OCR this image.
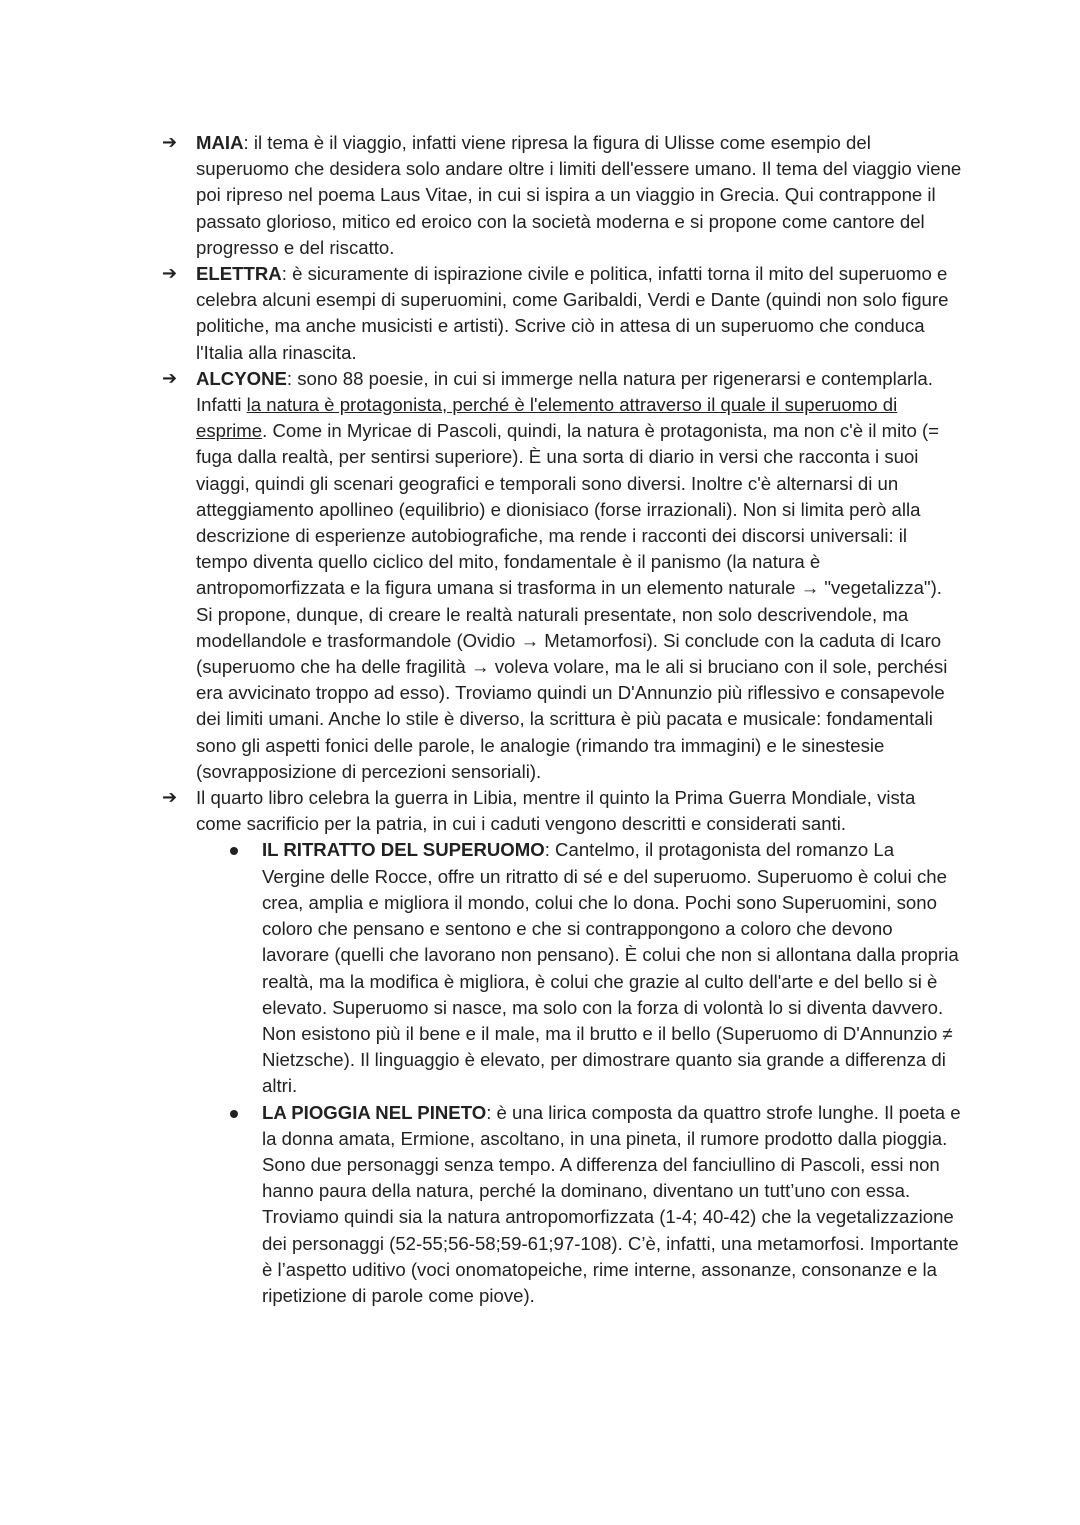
➔	MAIA: il tema è il viaggio, infatti viene ripresa la figura di Ulisse come esempio del superuomo che desidera solo andare oltre i limiti dell'essere umano. Il tema del viaggio viene poi ripreso nel poema Laus Vitae, in cui si ispira a un viaggio in Grecia. Qui contrappone il passato glorioso, mitico ed eroico con la società moderna e si propone come cantore del progresso e del riscatto.
➔	ELETTRA: è sicuramente di ispirazione civile e politica, infatti torna il mito del superuomo e celebra alcuni esempi di superuomini, come Garibaldi, Verdi e Dante (quindi non solo figure politiche, ma anche musicisti e artisti). Scrive ciò in attesa di un superuomo che conduca l'Italia alla rinascita.
➔	ALCYONE: sono 88 poesie, in cui si immerge nella natura per rigenerarsi e contemplarla. Infatti la natura è protagonista, perché è l'elemento attraverso il quale il superuomo di esprime. Come in Myricae di Pascoli, quindi, la natura è protagonista, ma non c'è il mito (= fuga dalla realtà, per sentirsi superiore). È una sorta di diario in versi che racconta i suoi viaggi, quindi gli scenari geografici e temporali sono diversi. Inoltre c'è alternarsi di un atteggiamento apollineo (equilibrio) e dionisiaco (forse irrazionali). Non si limita però alla descrizione di esperienze autobiografiche, ma rende i racconti dei discorsi universali: il tempo diventa quello ciclico del mito, fondamentale è il panismo (la natura è antropomorfizzata e la figura umana si trasforma in un elemento naturale → "vegetalizza"). Si propone, dunque, di creare le realtà naturali presentate, non solo descrivendole, ma modellandole e trasformandole (Ovidio → Metamorfosi). Si conclude con la caduta di Icaro (superuomo che ha delle fragilità → voleva volare, ma le ali si bruciano con il sole, perchési era avvicinato troppo ad esso). Troviamo quindi un D'Annunzio più riflessivo e consapevole dei limiti umani. Anche lo stile è diverso, la scrittura è più pacata e musicale: fondamentali sono gli aspetti fonici delle parole, le analogie (rimando tra immagini) e le sinestesie (sovrapposizione di percezioni sensoriali).
➔	Il quarto libro celebra la guerra in Libia, mentre il quinto la Prima Guerra Mondiale, vista come sacrificio per la patria, in cui i caduti vengono descritti e considerati santi.
IL RITRATTO DEL SUPERUOMO: Cantelmo, il protagonista del romanzo La Vergine delle Rocce, offre un ritratto di sé e del superuomo. Superuomo è colui che crea, amplia e migliora il mondo, colui che lo dona. Pochi sono Superuomini, sono coloro che pensano e sentono e che si contrappongono a coloro che devono lavorare (quelli che lavorano non pensano). È colui che non si allontana dalla propria realtà, ma la modifica è migliora, è colui che grazie al culto dell'arte e del bello si è elevato. Superuomo si nasce, ma solo con la forza di volontà lo si diventa davvero. Non esistono più il bene e il male, ma il brutto e il bello (Superuomo di D'Annunzio ≠ Nietzsche). Il linguaggio è elevato, per dimostrare quanto sia grande a differenza di altri.
LA PIOGGIA NEL PINETO: è una lirica composta da quattro strofe lunghe. Il poeta e la donna amata, Ermione, ascoltano, in una pineta, il rumore prodotto dalla pioggia. Sono due personaggi senza tempo. A differenza del fanciullino di Pascoli, essi non hanno paura della natura, perché la dominano, diventano un tutt’uno con essa. Troviamo quindi sia la natura antropomorfizzata (1-4; 40-42) che la vegetalizzazione dei personaggi (52-55;56-58;59-61;97-108). C’è, infatti, una metamorfosi. Importante è l’aspetto uditivo (voci onomatopeiche, rime interne, assonanze, consonanze e la ripetizione di parole come piove).
